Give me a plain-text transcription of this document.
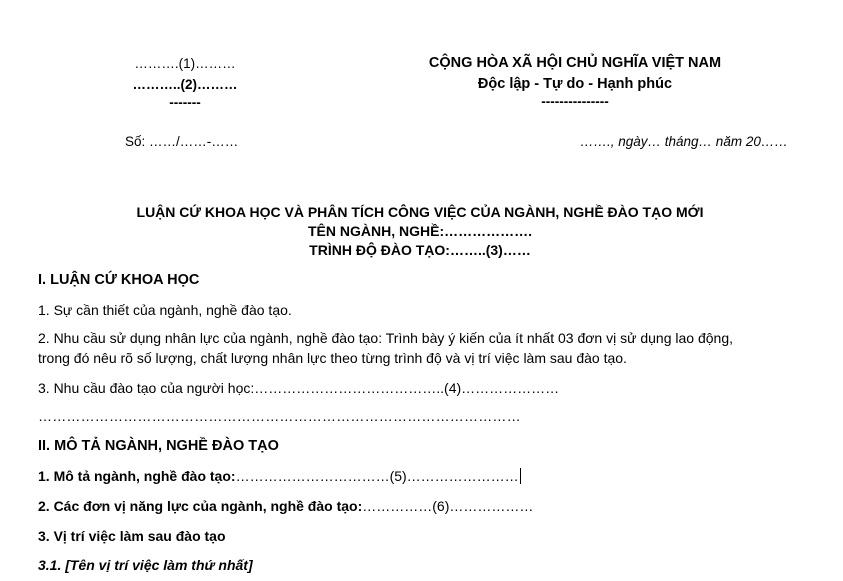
……….(1)………
………..(2)………
-------
CỘNG HÒA XÃ HỘI CHỦ NGHĨA VIỆT NAM
Độc lập - Tự do - Hạnh phúc
---------------
Số: ……/……-……	……., ngày… tháng… năm 20……
LUẬN CỨ KHOA HỌC VÀ PHÂN TÍCH CÔNG VIỆC CỦA NGÀNH, NGHỀ ĐÀO TẠO MỚI
TÊN NGÀNH, NGHỀ:……………….
TRÌNH ĐỘ ĐÀO TẠO:……..(3)……
I. LUẬN CỨ KHOA HỌC
1. Sự cần thiết của ngành, nghề đào tạo.
2. Nhu cầu sử dụng nhân lực của ngành, nghề đào tạo: Trình bày ý kiến của ít nhất 03 đơn vị sử dụng lao động,
trong đó nêu rõ số lượng, chất lượng nhân lực theo từng trình độ và vị trí việc làm sau đào tạo.
3. Nhu cầu đào tạo của người học:…………………………………..(4)…………………
…………………………………………………………………………………………
II. MÔ TẢ NGÀNH, NGHỀ ĐÀO TẠO
1. Mô tả ngành, nghề đào tạo:……………………………(5)……………………
2. Các đơn vị năng lực của ngành, nghề đào tạo:……………(6)………………
3. Vị trí việc làm sau đào tạo
3.1. [Tên vị trí việc làm thứ nhất]
